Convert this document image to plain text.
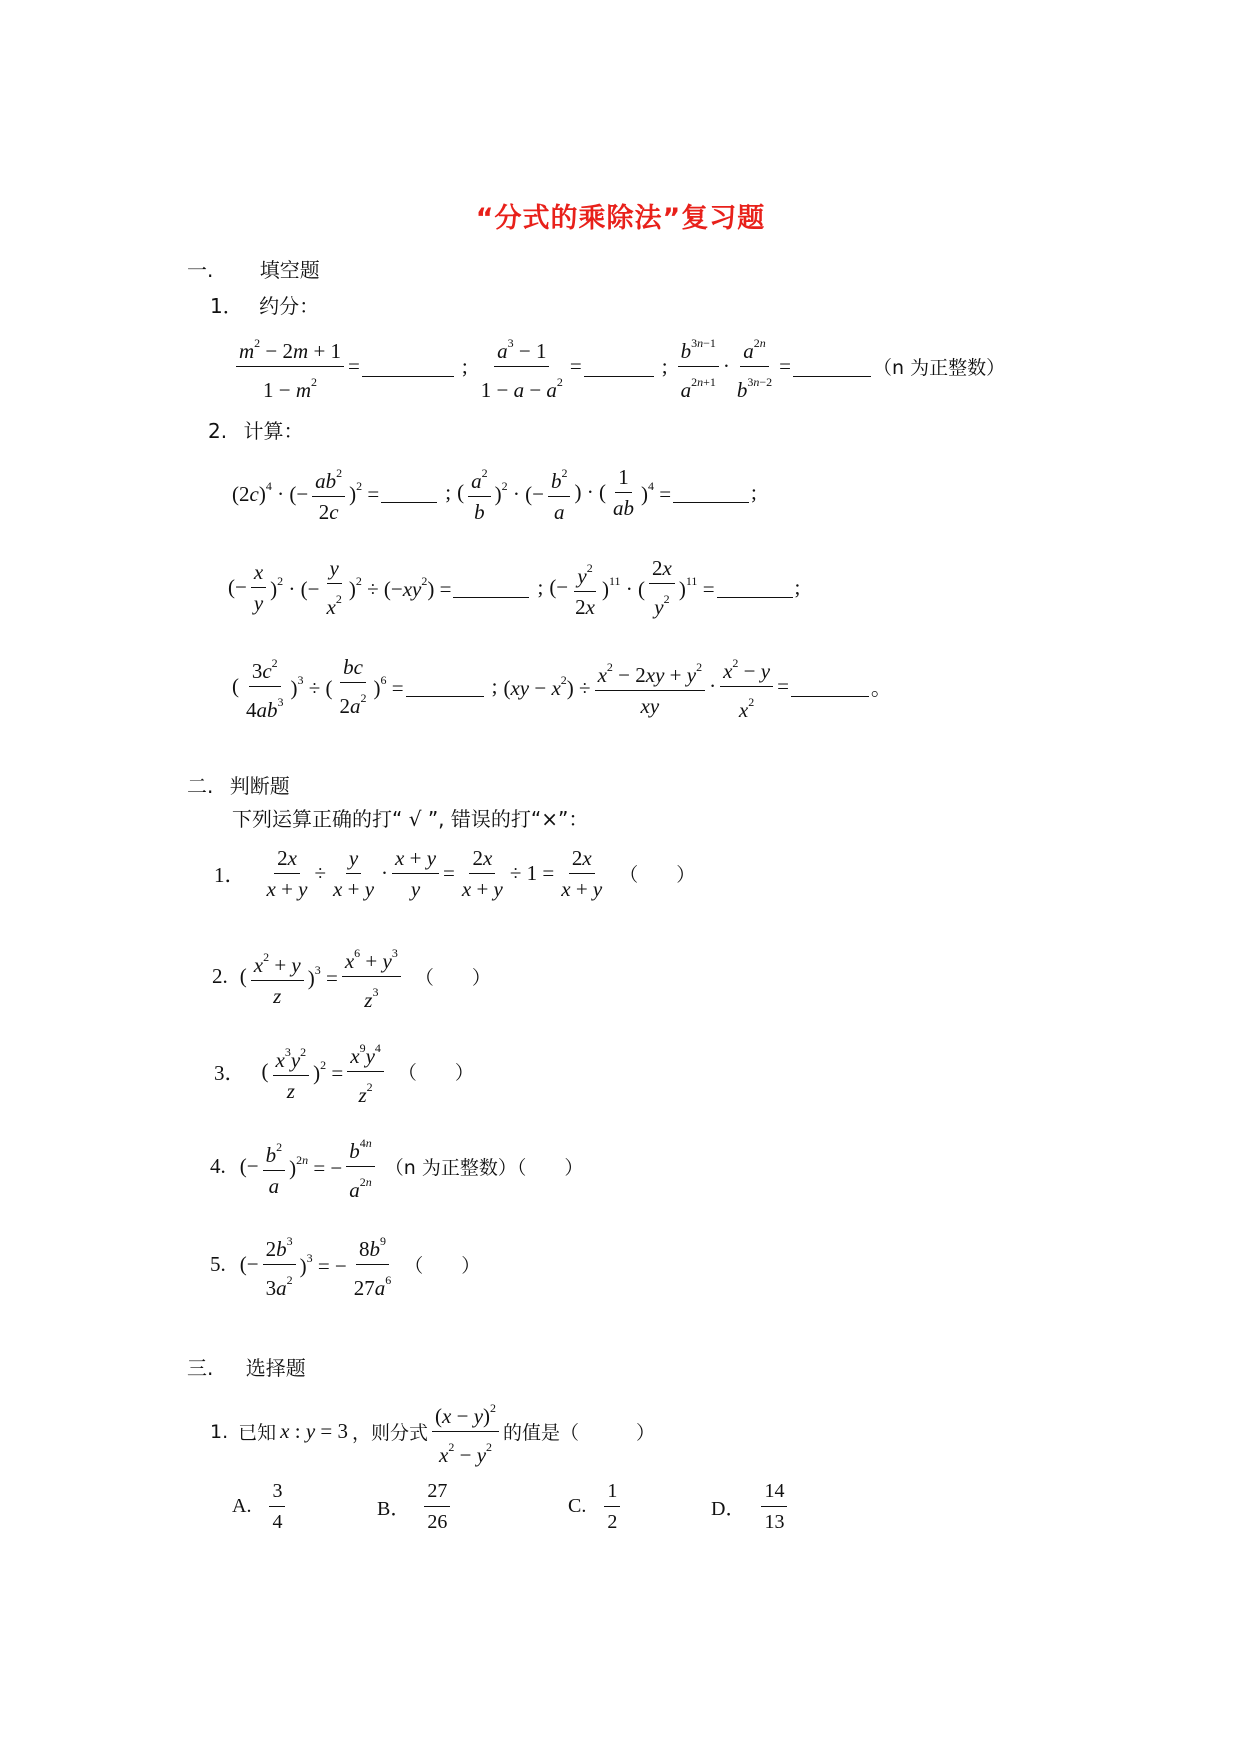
“分式的乘除法”复习题
一. 填空题
1． 约分：
$\frac{m^2 - 2m + 1}{1 - m^2}$ =	; $\frac{a^3 - 1}{1 - a - a^2}$ =	; $\frac{b^{3n-1}}{a^{2n+1}} \cdot \frac{a^{2n}}{b^{3n-2}}$ =	（n 为正整数）
2. 计算：
$(2c)^4$ · (− $\frac{ab^2}{2c} )^2$ =	; ( $\frac{a^2}{b} )^2$ · (− $\frac{b^2}{a}$ ) · ( $\frac{1}{ab} )^4$ =	;
(− $\frac{x}{y} )^2$ · (− $\frac{y}{x^2} )^2 \div (-xy^2)$ =	; (− $\frac{y^2}{2x} )^{11}$ · ( $\frac{2x}{y^2} )^{11}$ =	;
( $\frac{3c^2}{4ab^3} )^3$ ÷ ( $\frac{bc}{2a^2} )^6$ =	; $(xy - x^2) \div \frac{x^2 - 2xy + y^2}{xy} \cdot \frac{x^2 - y}{x^2}$ =	。
二. 判断题
下列运算正确的打“ √ ”, 错误的打“×”：
1． $\frac{2x}{x + y} \div \frac{y}{x + y} \cdot \frac{x + y}{y} = \frac{2x}{x + y} \div 1 = \frac{2x}{x + y}$ （　　）
2. ( $\frac{x^2 + y}{z} )^3 = \frac{x^6 + y^3}{z^3}$ （　　）
3． ( $\frac{x^3y^2}{z} )^2 = \frac{x^9y^4}{z^2}$ （　　）
4. (− $\frac{b^2}{a} )^{2n}$ = − $\frac{b^{4n}}{a^{2n}} (n$ 为正整数）（　　）
5. (− $\frac{2b^3}{3a^2} )^3$ = − $\frac{8b^9}{27a^6}$ （　　）
三. 选择题
1. 已知 x : y = 3 ，则分式 $\frac{(x - y)^2}{x^2 - y^2}$ 的值是（　　　）
A. $\frac{3}{4}$	B． $\frac{27}{26}$	C. $\frac{1}{2}$	D． $\frac{14}{13}$
